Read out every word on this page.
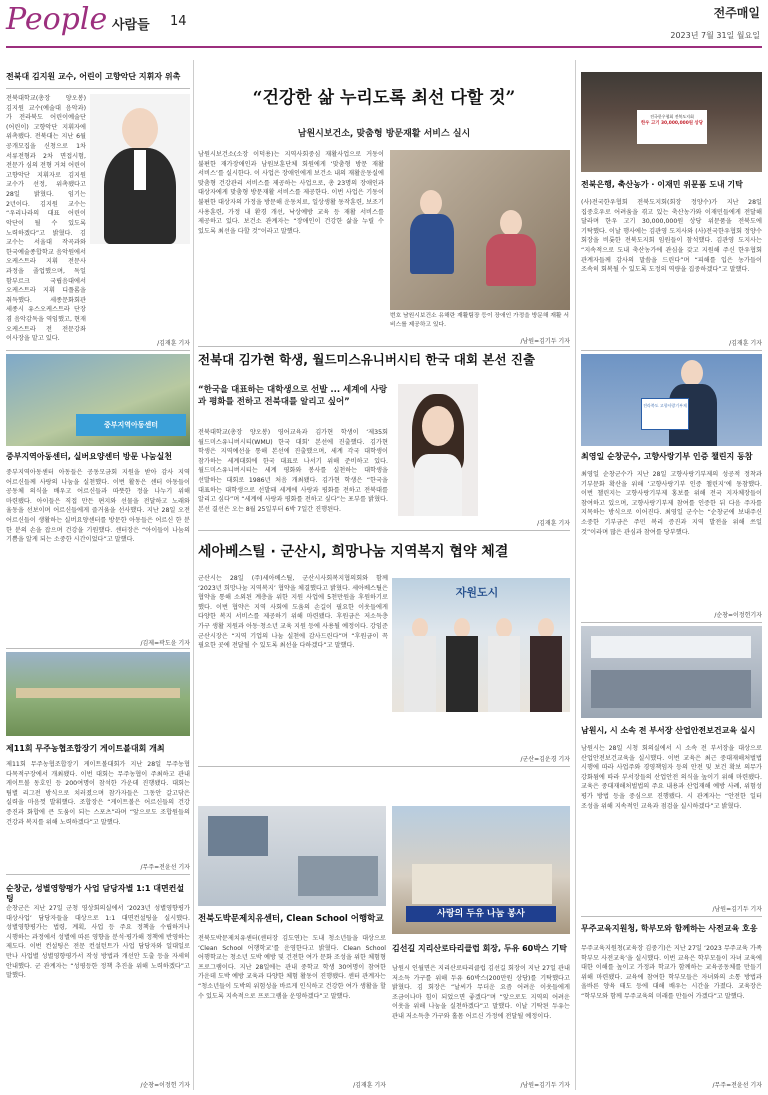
People 사람들 14
전주매일
2023년 7월 31일 월요일
전북대 김지원 교수, 어린이 고향악단 지휘자 위촉
전북대학교(총장 양오봉) 김지원 교수(예술대 음악과)가 전라북도 어린이예술단(어린이) 고향악단 지휘자에 위촉됐다. 전북대는 지난 6월 공개모집을 신청으로 1차 서류전형과 2차 면접시험, 전문가 심의 전형 거쳐 어린이 고향악단 지휘자로 김지원 교수가 선정, 위촉됐다고 28일 밝혔다. 임기는 2년이다. 김지원 교수는 “우리나라의 대표 어린이 악단이 될 수 있도록 노력하겠다”고 밝혔다. 김 교수는 서울대 작곡과와 한국예술종합학교 음악원에서 오케스트라 지휘 전문사 과정을 졸업했으며, 독일 함부르크 국립음대에서 오케스트라 지휘 디플롬을 취득했다. 세종문화회관 세종시 유스오케스트라 단장 겸 음악감독을 역임했고, 현재 오케스트라 전 전문강좌 이사장을 맡고 있다.
/김재훈 기자
중부지역아동센터
중부지역아동센터, 실버요양센터 방문 나눔실천
중부지역아동센터 아동들은 공동모금회 지원을 받아 감사 지역 어르신들께 사랑의 나눔을 실천했다. 이번 활동은 센터 아동들이 공동체 의식을 배우고 어르신들과 따뜻한 정을 나누기 위해 마련됐다. 아이들은 직접 만든 편지와 선물을 전달하고 노래와 율동을 선보이며 어르신들에게 즐거움을 선사했다. 지난 28일 오전 어르신들이 생활하는 실버요양센터를 방문한 아동들은 어르신 한 분 한 분의 손을 잡으며 건강을 기원했다. 센터장은 “아이들이 나눔의 기쁨을 알게 되는 소중한 시간이었다”고 말했다.
/김제=곽도윤 기자
제11회 무주농협조합장기 게이트볼대회 개최
제11회 무주농협조합장기 게이트볼대회가 지난 28일 무주농협 다목적구장에서 개최됐다. 이번 대회는 무주농협이 주최하고 관내 게이트볼 동호인 등 200여명이 참석한 가운데 진행됐다. 대회는 팀별 리그전 방식으로 치러졌으며 참가자들은 그동안 갈고닦은 실력을 마음껏 발휘했다. 조합장은 “게이트볼은 어르신들의 건강 증진과 화합에 큰 도움이 되는 스포츠”라며 “앞으로도 조합원들의 건강과 복지를 위해 노력하겠다”고 말했다.
/무주=전윤선 기자
순창군, 성별영향평가 사업 담당자별 1:1 대면컨설팅
순창군은 지난 27일 군청 영상회의실에서 ‘2023년 성별영향평가 대상사업’ 담당자들을 대상으로 1:1 대면컨설팅을 실시했다. 성별영향평가는 법령, 계획, 사업 등 주요 정책을 수립하거나 시행하는 과정에서 성별에 따른 영향을 분석·평가해 정책에 반영하는 제도다. 이번 컨설팅은 전문 컨설턴트가 사업 담당자와 일대일로 만나 사업별 성별영향평가서 작성 방법과 개선안 도출 등을 자세히 안내했다. 군 관계자는 “성평등한 정책 추진을 위해 노력하겠다”고 말했다.
/순창=이정헌 기자
“건강한 삶 누리도록 최선 다할 것”
남원시보건소, 맞춤형 방문재활 서비스 실시
남원시보건소(소장 이덕용)는 지역사회중심 재활사업으로 거동이 불편한 재가장애인과 남원보훈단체 회원에게 ‘맞춤형 방문 재활 서비스’를 실시한다. 이 사업은 장애인에게 보건소 내의 재활운동실에 맞춤형 건강관리 서비스를 제공하는 사업으로, 총 23명의 장애인과 대상자에게 맞춤형 방문재활 서비스를 제공한다. 이번 사업은 기동이 불편한 대상자의 가정을 방문해 운동치료, 일상생활 동작훈련, 보조기 사용훈련, 가정 내 환경 개선, 낙상예방 교육 등 재활 서비스를 제공하고 있다. 보건소 관계자는 “장애인이 건강한 삶을 누릴 수 있도록 최선을 다할 것”이라고 말했다.
번호 남원시보건소 유해란 재활팀장 등이 장애인 가정을 방문해 재활 서비스를 제공하고 있다.
/남원=김기두 기자
전북대 김가현 학생, 월드미스유니버시티 한국 대회 본선 진출
“한국을 대표하는 대학생으로 선발 ... 세계에 사랑과 평화를 전하고 전북대를 알리고 싶어”
전북대학교(총장 양오봉) 영어교육과 김가현 학생이 ‘제35회 월드미스유니버시티(WMU) 한국 대회’ 본선에 진출했다. 김가현 학생은 지역예선을 통해 본선에 진출했으며, 세계 각국 대학생이 참가하는 세계대회에 한국 대표로 나서기 위해 준비하고 있다. 월드미스유니버시티는 세계 평화와 봉사를 실천하는 대학생을 선발하는 대회로 1986년 처음 개최됐다. 김가현 학생은 “한국을 대표하는 대학생으로 선발돼 세계에 사랑과 평화를 전하고 전북대를 알리고 싶다”며 “세계에 사랑과 평화를 전하고 싶다”는 포부를 밝혔다. 본선 결선은 오는 8월 25일부터 6박 7일간 진행된다.
/김재훈 기자
세아베스틸 · 군산시, 희망나눔 지역복지 협약 체결
군산시는 28일 (주)세아베스틸, 군산시사회복지협의회와 함께 ‘2023년 희망나눔 지역복지’ 협약을 체결했다고 밝혔다. 세아베스틸은 협약을 통해 소외된 계층을 위한 지원 사업에 5천만원을 후원하기로 했다. 이번 협약은 지역 사회에 도움의 손길이 필요한 이웃들에게 다양한 복지 서비스를 제공하기 위해 마련됐다. 후원금은 저소득층 가구 생활 지원과 아동·청소년 교육 지원 등에 사용될 예정이다. 강임준 군산시장은 “지역 기업의 나눔 실천에 감사드린다”며 “후원금이 꼭 필요한 곳에 전달될 수 있도록 최선을 다하겠다”고 말했다.
자원도시
/군산=김운경 기자
전북도박문제치유센터, Clean School 어행학교
전북도박문제치유센터(센터장 김도연)는 도내 청소년들을 대상으로 ‘Clean School 어행학교’를 운영한다고 밝혔다. Clean School 어행학교는 청소년 도박 예방 및 건전한 여가 문화 조성을 위한 체험형 프로그램이다. 지난 28일에는 관내 중학교 학생 30여명이 참여한 가운데 도박 예방 교육과 다양한 체험 활동이 진행됐다. 센터 관계자는 “청소년들이 도박의 위험성을 바르게 인식하고 건강한 여가 생활을 할 수 있도록 지속적으로 프로그램을 운영하겠다”고 말했다.
/김재훈 기자
사랑의 두유 나눔 봉사
김선길 지리산로타리클럽 회장, 두유 60박스 기탁
남원시 인월면은 지리산로타리클럽 김선길 회장이 지난 27일 관내 저소득 가구를 위해 두유 60박스(200만원 상당)를 기탁했다고 밝혔다. 김 회장은 “날씨가 무더운 요즘 어려운 이웃들에게 조금이나마 힘이 되었으면 좋겠다”며 “앞으로도 지역의 어려운 이웃을 위해 나눔을 실천하겠다”고 말했다. 이날 기탁된 두유는 관내 저소득층 가구와 홀몸 어르신 가정에 전달될 예정이다.
/남원=김기두 기자
전국한우협회 전북도지회
한우 고기 30,000,000원 상당
전북은행, 축산농가 · 이재민 위문품 도내 기탁
(사)전국한우협회 전북도지회(회장 정양수)가 지난 28일 집중호우로 어려움을 겪고 있는 축산농가와 이재민들에게 전달해 달라며 한우 고기 30,000,000원 상당 위문품을 전북도에 기탁했다. 이날 행사에는 김관영 도지사와 (사)전국한우협회 정양수 회장을 비롯한 전북도지회 임원들이 참석했다. 김관영 도지사는 “지속적으로 도내 축산농가에 관심을 갖고 지원해 주신 한우협회 관계자들께 감사의 말씀을 드린다”며 “피해를 입은 농가들이 조속히 회복될 수 있도록 도정의 역량을 집중하겠다”고 말했다.
/김재훈 기자
전라북도 고향사랑기부제
최영일 순창군수, 고향사랑기부 인증 챌린지 동참
최영일 순창군수가 지난 28일 고향사랑기부제의 성공적 정착과 기부문화 확산을 위해 ‘고향사랑기부 인증 챌린지’에 동참했다. 이번 챌린지는 고향사랑기부제 홍보를 위해 전국 지자체장들이 참여하고 있으며, 고향사랑기부제 참여를 인증한 뒤 다음 주자를 지목하는 방식으로 이어진다. 최영일 군수는 “순창군에 보내주신 소중한 기부금은 주민 복리 증진과 지역 발전을 위해 쓰일 것”이라며 많은 관심과 참여를 당부했다.
/순창=이정헌기자
남원시, 시 소속 전 부서장 산업안전보건교육 실시
남원시는 28일 시청 회의실에서 시 소속 전 부서장을 대상으로 산업안전보건교육을 실시했다. 이번 교육은 최근 중대재해처벌법 시행에 따라 사업주와 경영책임자 등의 안전 및 보건 확보 의무가 강화됨에 따라 부서장들의 산업안전 의식을 높이기 위해 마련됐다. 교육은 중대재해처벌법의 주요 내용과 산업재해 예방 사례, 위험성 평가 방법 등을 중심으로 진행됐다. 시 관계자는 “안전한 일터 조성을 위해 지속적인 교육과 점검을 실시하겠다”고 밝혔다.
/남원=김기두 기자
무주교육지원청, 학부모와 함께하는 사전교육 호응
무주교육지원청(교육장 김중기)은 지난 27일 ‘2023 무주교육 가족 학부모 사전교육’을 실시했다. 이번 교육은 학부모들이 자녀 교육에 대한 이해를 높이고 가정과 학교가 함께하는 교육공동체를 만들기 위해 마련됐다. 교육에 참여한 학부모들은 자녀와의 소통 방법과 올바른 양육 태도 등에 대해 배우는 시간을 가졌다. 교육장은 “학부모와 함께 무주교육의 미래를 만들어 가겠다”고 말했다.
/무주=전윤선 기자
